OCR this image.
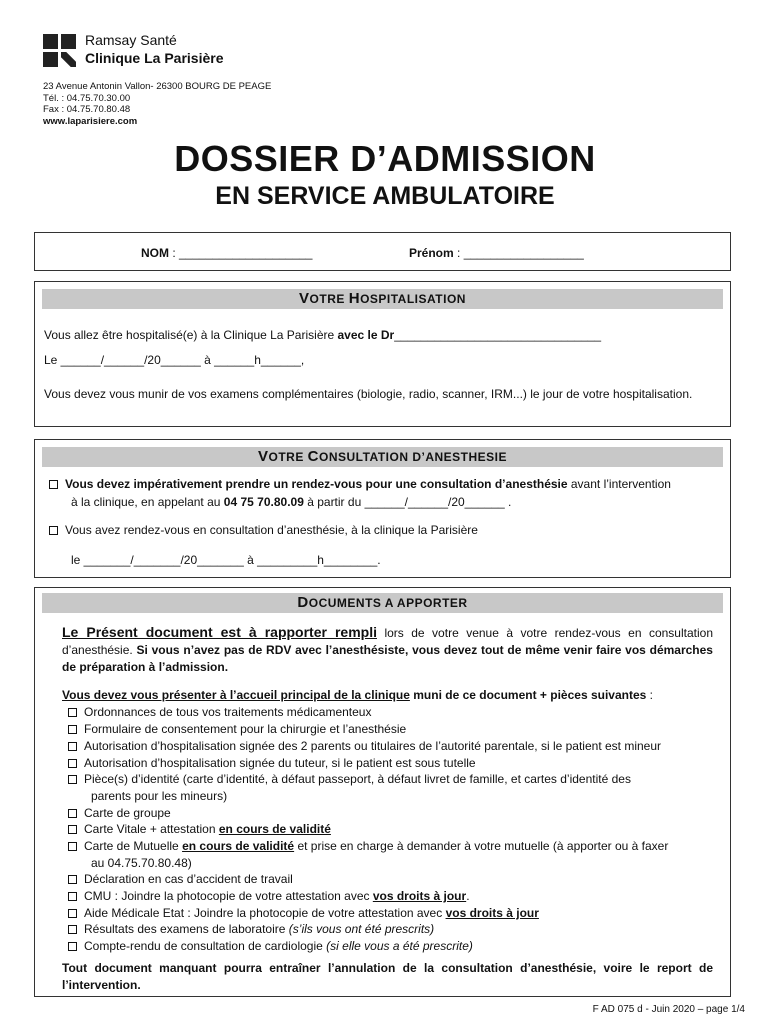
Ramsay Santé
Clinique La Parisière
23 Avenue Antonin Vallon- 26300 BOURG DE PEAGE
Tél. : 04.75.70.30.00
Fax : 04.75.70.80.48
www.laparisiere.com
DOSSIER D’ADMISSION
EN SERVICE AMBULATOIRE
NOM : ____________________	Prénom : __________________
VOTRE HOSPITALISATION
Vous allez être hospitalisé(e) à la Clinique La Parisière avec le Dr_______________________________
Le ______/______/20______ à ______h______,
Vous devez vous munir de vos examens complémentaires (biologie, radio, scanner, IRM...) le jour de votre hospitalisation.
VOTRE CONSULTATION D’ANESTHESIE
Vous devez impérativement prendre un rendez-vous pour une consultation d’anesthésie avant l’intervention
à la clinique, en appelant au 04 75 70.80.09 à partir du ______/______/20______ .
Vous avez rendez-vous en consultation d’anesthésie, à la clinique la Parisière
le _______/_______/20_______ à _________h________.
DOCUMENTS A APPORTER
Le Présent document est à rapporter rempli lors de votre venue à votre rendez-vous en consultation d’anesthésie. Si vous n’avez pas de RDV avec l’anesthésiste, vous devez tout de même venir faire vos démarches de préparation à l’admission.
Vous devez vous présenter à l’accueil principal de la clinique muni de ce document + pièces suivantes :
Ordonnances de tous vos traitements médicamenteux
Formulaire de consentement pour la chirurgie et l’anesthésie
Autorisation d’hospitalisation signée des 2 parents ou titulaires de l’autorité parentale, si le patient est mineur
Autorisation d’hospitalisation signée du tuteur, si le patient est sous tutelle
Pièce(s) d’identité (carte d’identité, à défaut passeport, à défaut livret de famille, et cartes d’identité des
parents pour les mineurs)
Carte de groupe
Carte Vitale + attestation en cours de validité
Carte de Mutuelle en cours de validité et prise en charge à demander à votre mutuelle (à apporter ou à faxer
au 04.75.70.80.48)
Déclaration en cas d’accident de travail
CMU : Joindre la photocopie de votre attestation avec vos droits à jour.
Aide Médicale Etat : Joindre la photocopie de votre attestation avec vos droits à jour
Résultats des examens de laboratoire (s’ils vous ont été prescrits)
Compte-rendu de consultation de cardiologie (si elle vous a été prescrite)
Tout document manquant pourra entraîner l’annulation de la consultation d’anesthésie, voire le report de l’intervention.
F AD 075 d - Juin 2020 – page 1/4
